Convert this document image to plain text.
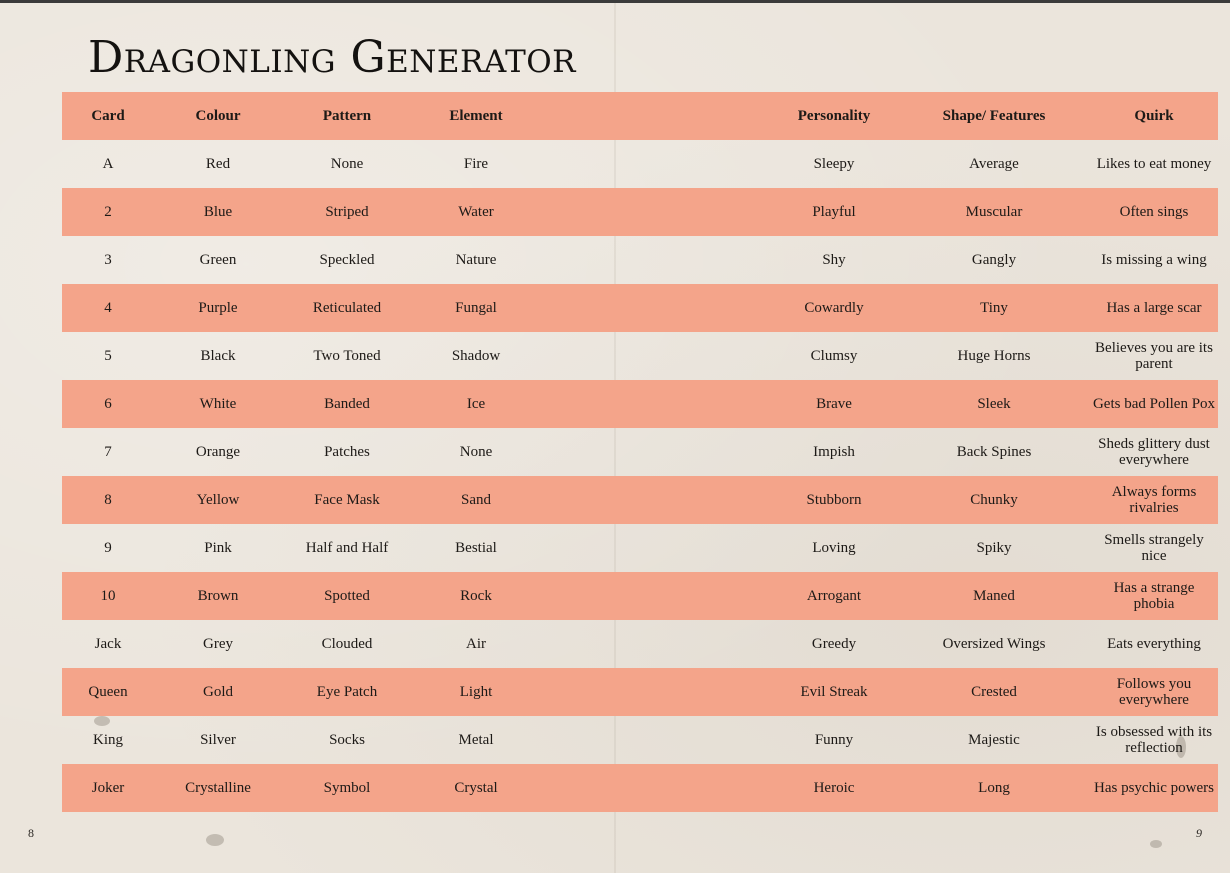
Dragonling Generator
Card	Colour	Pattern	Element		Personality	Shape/ Features	Quirk
A	Red	None	Fire		Sleepy	Average	Likes to eat money
2	Blue	Striped	Water		Playful	Muscular	Often sings
3	Green	Speckled	Nature		Shy	Gangly	Is missing a wing
4	Purple	Reticulated	Fungal		Cowardly	Tiny	Has a large scar
5	Black	Two Toned	Shadow		Clumsy	Huge Horns	Believes you are its parent
6	White	Banded	Ice		Brave	Sleek	Gets bad Pollen Pox
7	Orange	Patches	None		Impish	Back Spines	Sheds glittery dust everywhere
8	Yellow	Face Mask	Sand		Stubborn	Chunky	Always forms rivalries
9	Pink	Half and Half	Bestial		Loving	Spiky	Smells strangely nice
10	Brown	Spotted	Rock		Arrogant	Maned	Has a strange phobia
Jack	Grey	Clouded	Air		Greedy	Oversized Wings	Eats everything
Queen	Gold	Eye Patch	Light		Evil Streak	Crested	Follows you everywhere
King	Silver	Socks	Metal		Funny	Majestic	Is obsessed with its reflection
Joker	Crystalline	Symbol	Crystal		Heroic	Long	Has psychic powers
8	9
